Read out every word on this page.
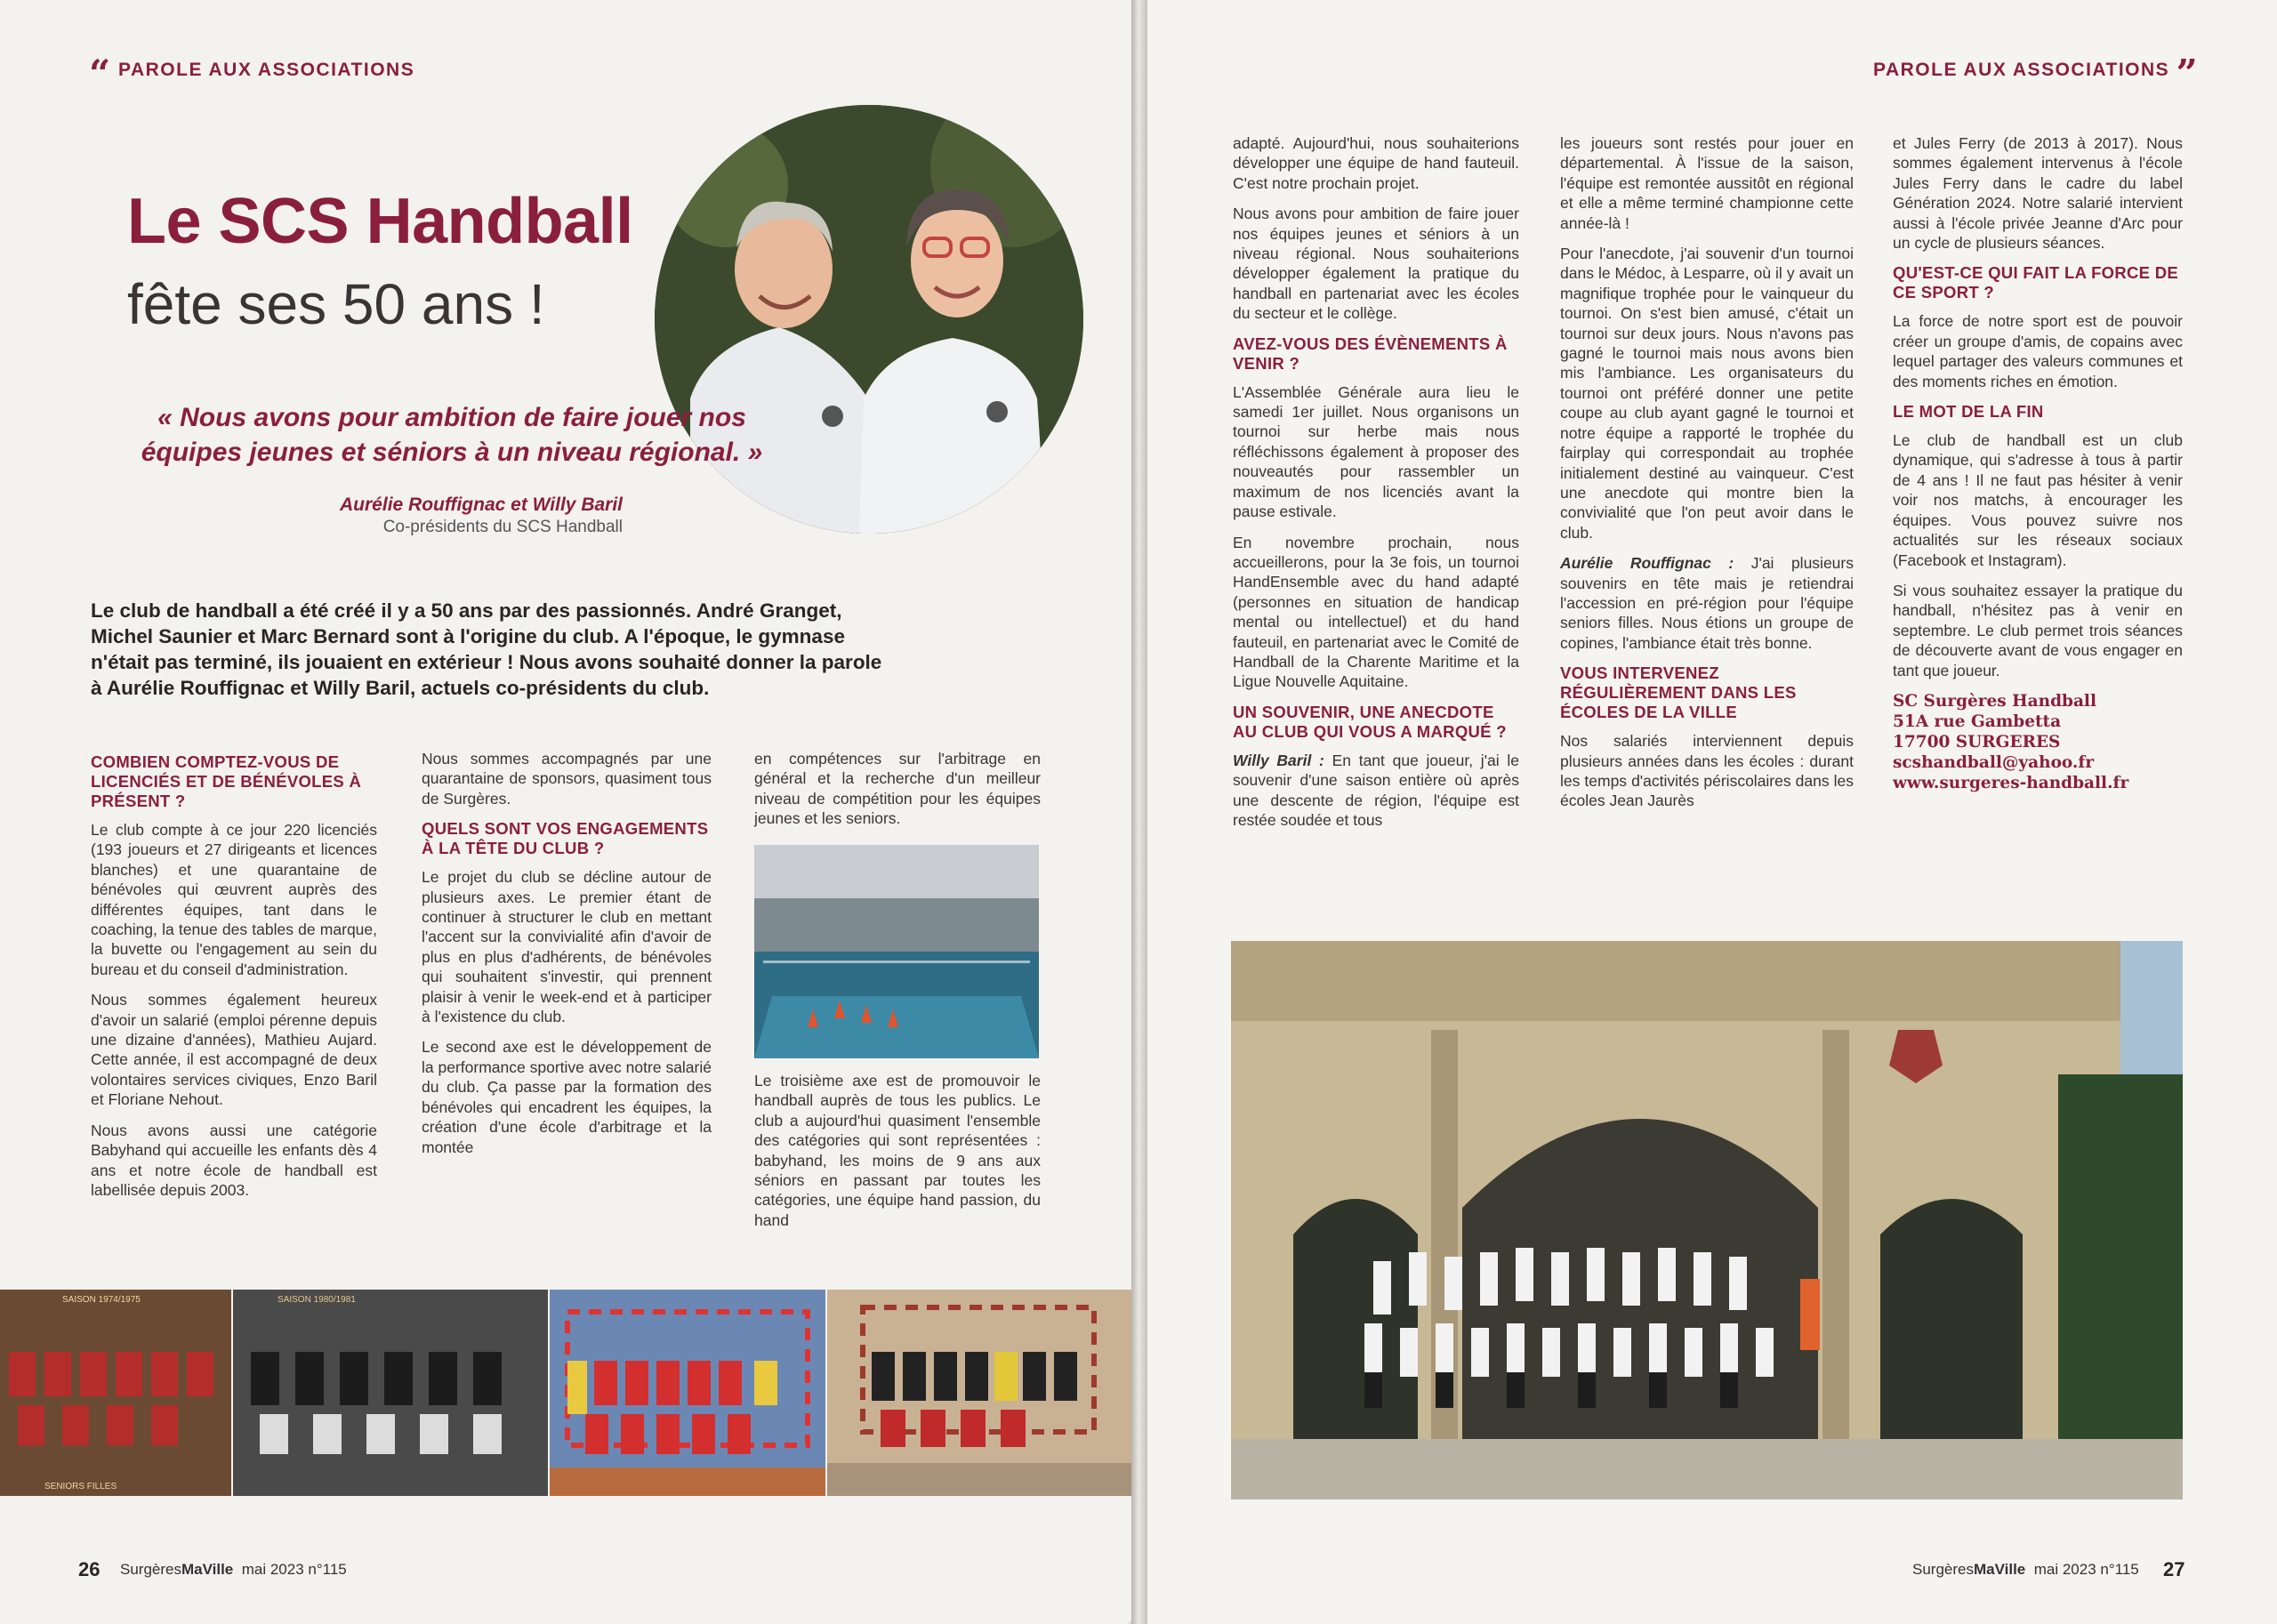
“ PAROLE AUX ASSOCIATIONS
Le SCS Handball
fête ses 50 ans !
« Nous avons pour ambition de faire jouer nos équipes jeunes et séniors à un niveau régional. »
Aurélie Rouffignac et Willy Baril
Co-présidents du SCS Handball
Le club de handball a été créé il y a 50 ans par des passionnés. André Granget, Michel Saunier et Marc Bernard sont à l'origine du club. A l'époque, le gymnase n'était pas terminé, ils jouaient en extérieur ! Nous avons souhaité donner la parole à Aurélie Rouffignac et Willy Baril, actuels co-présidents du club.
COMBIEN COMPTEZ-VOUS DE LICENCIÉS ET DE BÉNÉVOLES À PRÉSENT ?

Le club compte à ce jour 220 licenciés (193 joueurs et 27 dirigeants et licences blanches) et une quarantaine de bénévoles qui œuvrent auprès des différentes équipes, tant dans le coaching, la tenue des tables de marque, la buvette ou l'engagement au sein du bureau et du conseil d'administration.

Nous sommes également heureux d'avoir un salarié (emploi pérenne depuis une dizaine d'années), Mathieu Aujard. Cette année, il est accompagné de deux volontaires services civiques, Enzo Baril et Floriane Nehout.

Nous avons aussi une catégorie Babyhand qui accueille les enfants dès 4 ans et notre école de handball est labellisée depuis 2003.

Nous sommes accompagnés par une quarantaine de sponsors, quasiment tous de Surgères.

QUELS SONT VOS ENGAGEMENTS À LA TÊTE DU CLUB ?

Le projet du club se décline autour de plusieurs axes. Le premier étant de continuer à structurer le club en mettant l'accent sur la convivialité afin d'avoir de plus en plus d'adhérents, de bénévoles qui souhaitent s'investir, qui prennent plaisir à venir le week-end et à participer à l'existence du club.

Le second axe est le développement de la performance sportive avec notre salarié du club. Ça passe par la formation des bénévoles qui encadrent les équipes, la création d'une école d'arbitrage et la montée

en compétences sur l'arbitrage en général et la recherche d'un meilleur niveau de compétition pour les équipes jeunes et les seniors.

Le troisième axe est de promouvoir le handball auprès de tous les publics. Le club a aujourd'hui quasiment l'ensemble des catégories qui sont représentées : babyhand, les moins de 9 ans aux séniors en passant par toutes les catégories, une équipe hand passion, du hand

SAISON 1974/1975
SENIORS FILLES
SAISON 1980/1981
26 SurgèresMaVille mai 2023 n°115
PAROLE AUX ASSOCIATIONS ”

adapté. Aujourd'hui, nous souhaiterions développer une équipe de hand fauteuil. C'est notre prochain projet.

Nous avons pour ambition de faire jouer nos équipes jeunes et séniors à un niveau régional. Nous souhaiterions développer également la pratique du handball en partenariat avec les écoles du secteur et le collège.

AVEZ-VOUS DES ÉVÈNEMENTS À VENIR ?

L'Assemblée Générale aura lieu le samedi 1er juillet. Nous organisons un tournoi sur herbe mais nous réfléchissons également à proposer des nouveautés pour rassembler un maximum de nos licenciés avant la pause estivale.

En novembre prochain, nous accueillerons, pour la 3e fois, un tournoi HandEnsemble avec du hand adapté (personnes en situation de handicap mental ou intellectuel) et du hand fauteuil, en partenariat avec le Comité de Handball de la Charente Maritime et la Ligue Nouvelle Aquitaine.

UN SOUVENIR, UNE ANECDOTE AU CLUB QUI VOUS A MARQUÉ ?

Willy Baril : En tant que joueur, j'ai le souvenir d'une saison entière où après une descente de région, l'équipe est restée soudée et tous

les joueurs sont restés pour jouer en départemental. À l'issue de la saison, l'équipe est remontée aussitôt en régional et elle a même terminé championne cette année-là !

Pour l'anecdote, j'ai souvenir d'un tournoi dans le Médoc, à Lesparre, où il y avait un magnifique trophée pour le vainqueur du tournoi. On s'est bien amusé, c'était un tournoi sur deux jours. Nous n'avons pas gagné le tournoi mais nous avons bien mis l'ambiance. Les organisateurs du tournoi ont préféré donner une petite coupe au club ayant gagné le tournoi et notre équipe a rapporté le trophée du fairplay qui correspondait au trophée initialement destiné au vainqueur. C'est une anecdote qui montre bien la convivialité que l'on peut avoir dans le club.

Aurélie Rouffignac : J'ai plusieurs souvenirs en tête mais je retiendrai l'accession en pré-région pour l'équipe seniors filles. Nous étions un groupe de copines, l'ambiance était très bonne.

VOUS INTERVENEZ RÉGULIÈREMENT DANS LES ÉCOLES DE LA VILLE

Nos salariés interviennent depuis plusieurs années dans les écoles : durant les temps d'activités périscolaires dans les écoles Jean Jaurès

et Jules Ferry (de 2013 à 2017). Nous sommes également intervenus à l'école Jules Ferry dans le cadre du label Génération 2024. Notre salarié intervient aussi à l'école privée Jeanne d'Arc pour un cycle de plusieurs séances.

QU'EST-CE QUI FAIT LA FORCE DE CE SPORT ?

La force de notre sport est de pouvoir créer un groupe d'amis, de copains avec lequel partager des valeurs communes et des moments riches en émotion.

LE MOT DE LA FIN

Le club de handball est un club dynamique, qui s'adresse à tous à partir de 4 ans ! Il ne faut pas hésiter à venir voir nos matchs, à encourager les équipes. Vous pouvez suivre nos actualités sur les réseaux sociaux (Facebook et Instagram).

Si vous souhaitez essayer la pratique du handball, n'hésitez pas à venir en septembre. Le club permet trois séances de découverte avant de vous engager en tant que joueur.

SC Surgères Handball
51A rue Gambetta
17700 SURGERES
scshandball@yahoo.fr
www.surgeres-handball.fr
SurgèresMaVille mai 2023 n°115 27
